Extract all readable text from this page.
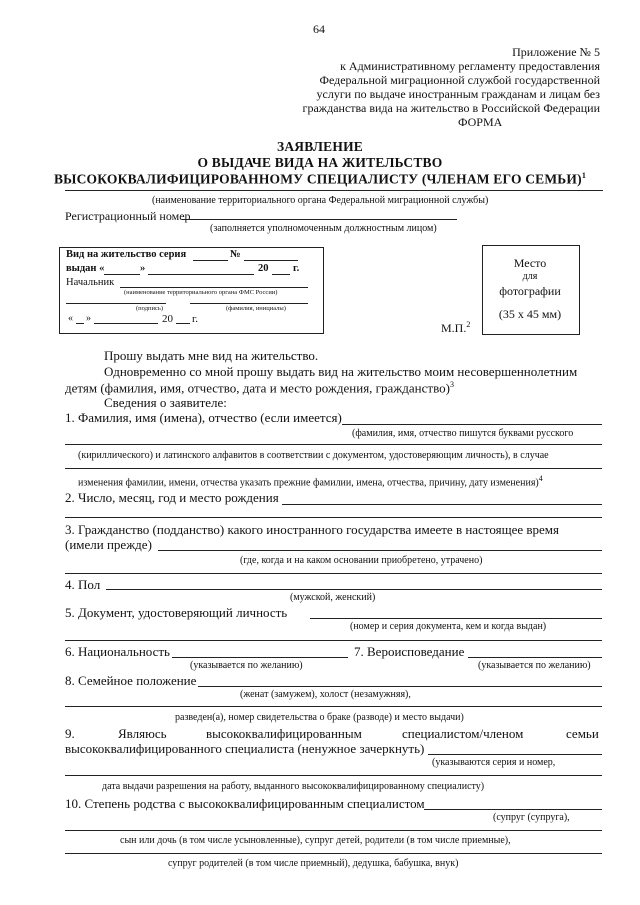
64
Приложение № 5
к Административному регламенту предоставления
Федеральной миграционной службой государственной
услуги по выдаче иностранным гражданам и лицам без
гражданства вида на жительство в Российской Федерации
ФОРМА
ЗАЯВЛЕНИЕ
О ВЫДАЧЕ ВИДА НА ЖИТЕЛЬСТВО
ВЫСОКОКВАЛИФИЦИРОВАННОМУ СПЕЦИАЛИСТУ (ЧЛЕНАМ ЕГО СЕМЬИ)$^1$
(наименование территориального органа Федеральной миграционной службы)
Регистрационный номер
(заполняется уполномоченным должностным лицом)
Вид на жительство серия	№
выдан «	»	20 г.
Начальник
(наименование территориального органа ФМС России)
(подпись)	(фамилия, инициалы)
« »	20 г.
Место
для
фотографии
(35 х 45 мм)
М.П.$^2$
Прошу выдать мне вид на жительство.
Одновременно со мной прошу выдать вид на жительство моим несовершеннолетним
детям (фамилия, имя, отчество, дата и место рождения, гражданство)$^3$
Сведения о заявителе:
1. Фамилия, имя (имена), отчество (если имеется)
(фамилия, имя, отчество пишутся буквами русского
(кириллического) и латинского алфавитов в соответствии с документом, удостоверяющим личность), в случае
изменения фамилии, имени, отчества указать прежние фамилии, имена, отчества, причину, дату изменения)$^4$
2. Число, месяц, год и место рождения
3. Гражданство (подданство) какого иностранного государства имеете в настоящее время
(имели прежде)
(где, когда и на каком основании приобретено, утрачено)
4. Пол
(мужской, женский)
5. Документ, удостоверяющий личность
(номер и серия документа, кем и когда выдан)
6. Национальность
(указывается по желанию)
7. Вероисповедание
(указывается по желанию)
8. Семейное положение
(женат (замужем), холост (незамужняя),
разведен(а), номер свидетельства о браке (разводе) и место выдачи)
9.	Являюсь	высококвалифицированным	специалистом/членом	семьи
высококвалифицированного специалиста (ненужное зачеркнуть)
(указываются серия и номер,
дата выдачи разрешения на работу, выданного высококвалифицированному специалисту)
10. Степень родства с высококвалифицированным специалистом
(супруг (супруга),
сын или дочь (в том числе усыновленные), супруг детей, родители (в том числе приемные),
супруг родителей (в том числе приемный), дедушка, бабушка, внук)
